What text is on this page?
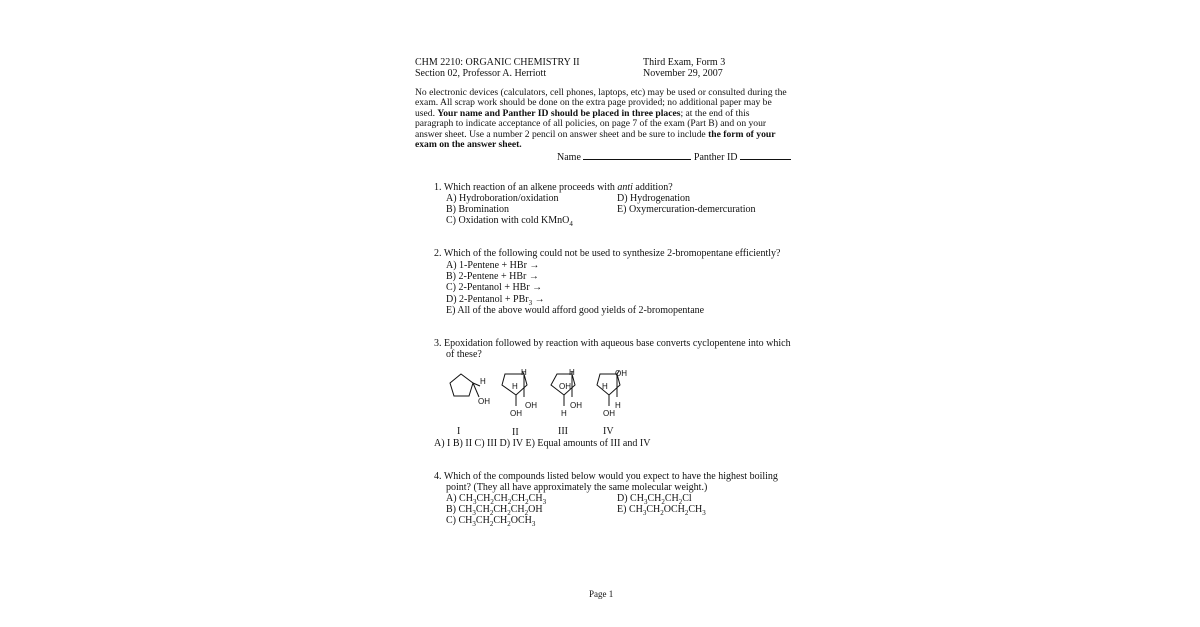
CHM 2210: ORGANIC CHEMISTRY II
Section 02, Professor A. Herriott
Third Exam, Form 3
November 29, 2007
No electronic devices (calculators, cell phones, laptops, etc) may be used or consulted during the exam. All scrap work should be done on the extra page provided; no additional paper may be used. Your name and Panther ID should be placed in three places; at the end of this paragraph to indicate acceptance of all policies, on page 7 of the exam (Part B) and on your answer sheet. Use a number 2 pencil on answer sheet and be sure to include the form of your exam on the answer sheet.
Name	Panther ID
1. Which reaction of an alkene proceeds with anti addition?
A) Hydroboration/oxidation
B) Bromination
C) Oxidation with cold KMnO$_4$
D) Hydrogenation
E) Oxymercuration-demercuration
2. Which of the following could not be used to synthesize 2-bromopentane efficiently?
A) 1-Pentene + HBr →
B) 2-Pentene + HBr →
C) 2-Pentanol + HBr →
D) 2-Pentanol + PBr$_3$ →
E) All of the above would afford good yields of 2-bromopentane
3. Epoxidation followed by reaction with aqueous base converts cyclopentene into which
of these?
H
OH
H
H
OH
OH
H
OH
OH
H
OH
H
H
OH
I	II	III	IV
A) I B) II C) III D) IV E) Equal amounts of III and IV
4. Which of the compounds listed below would you expect to have the highest boiling
point? (They all have approximately the same molecular weight.)
A) $CH_3CH_2CH_2CH_2CH_3$
B) $CH_3CH_2CH_2CH_2OH$
C) $CH_3CH_2CH_2OCH_3$
D) $CH_3CH_2CH_2Cl$
E) $CH_3CH_2OCH_2CH_3$
Page 1
